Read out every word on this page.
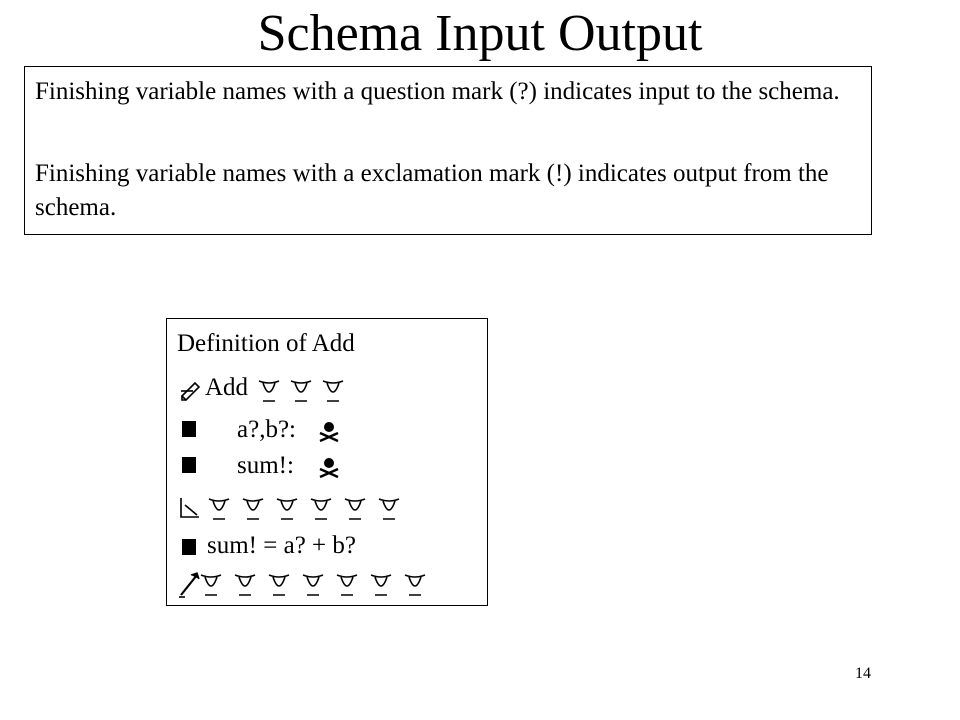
Schema Input Output

Finishing variable names with a question mark (?) indicates input to the schema.

Finishing variable names with a exclamation mark (!) indicates output from the schema.

Definition of Add
Add
a?,b?:
sum!:
sum! = a? + b?
14
